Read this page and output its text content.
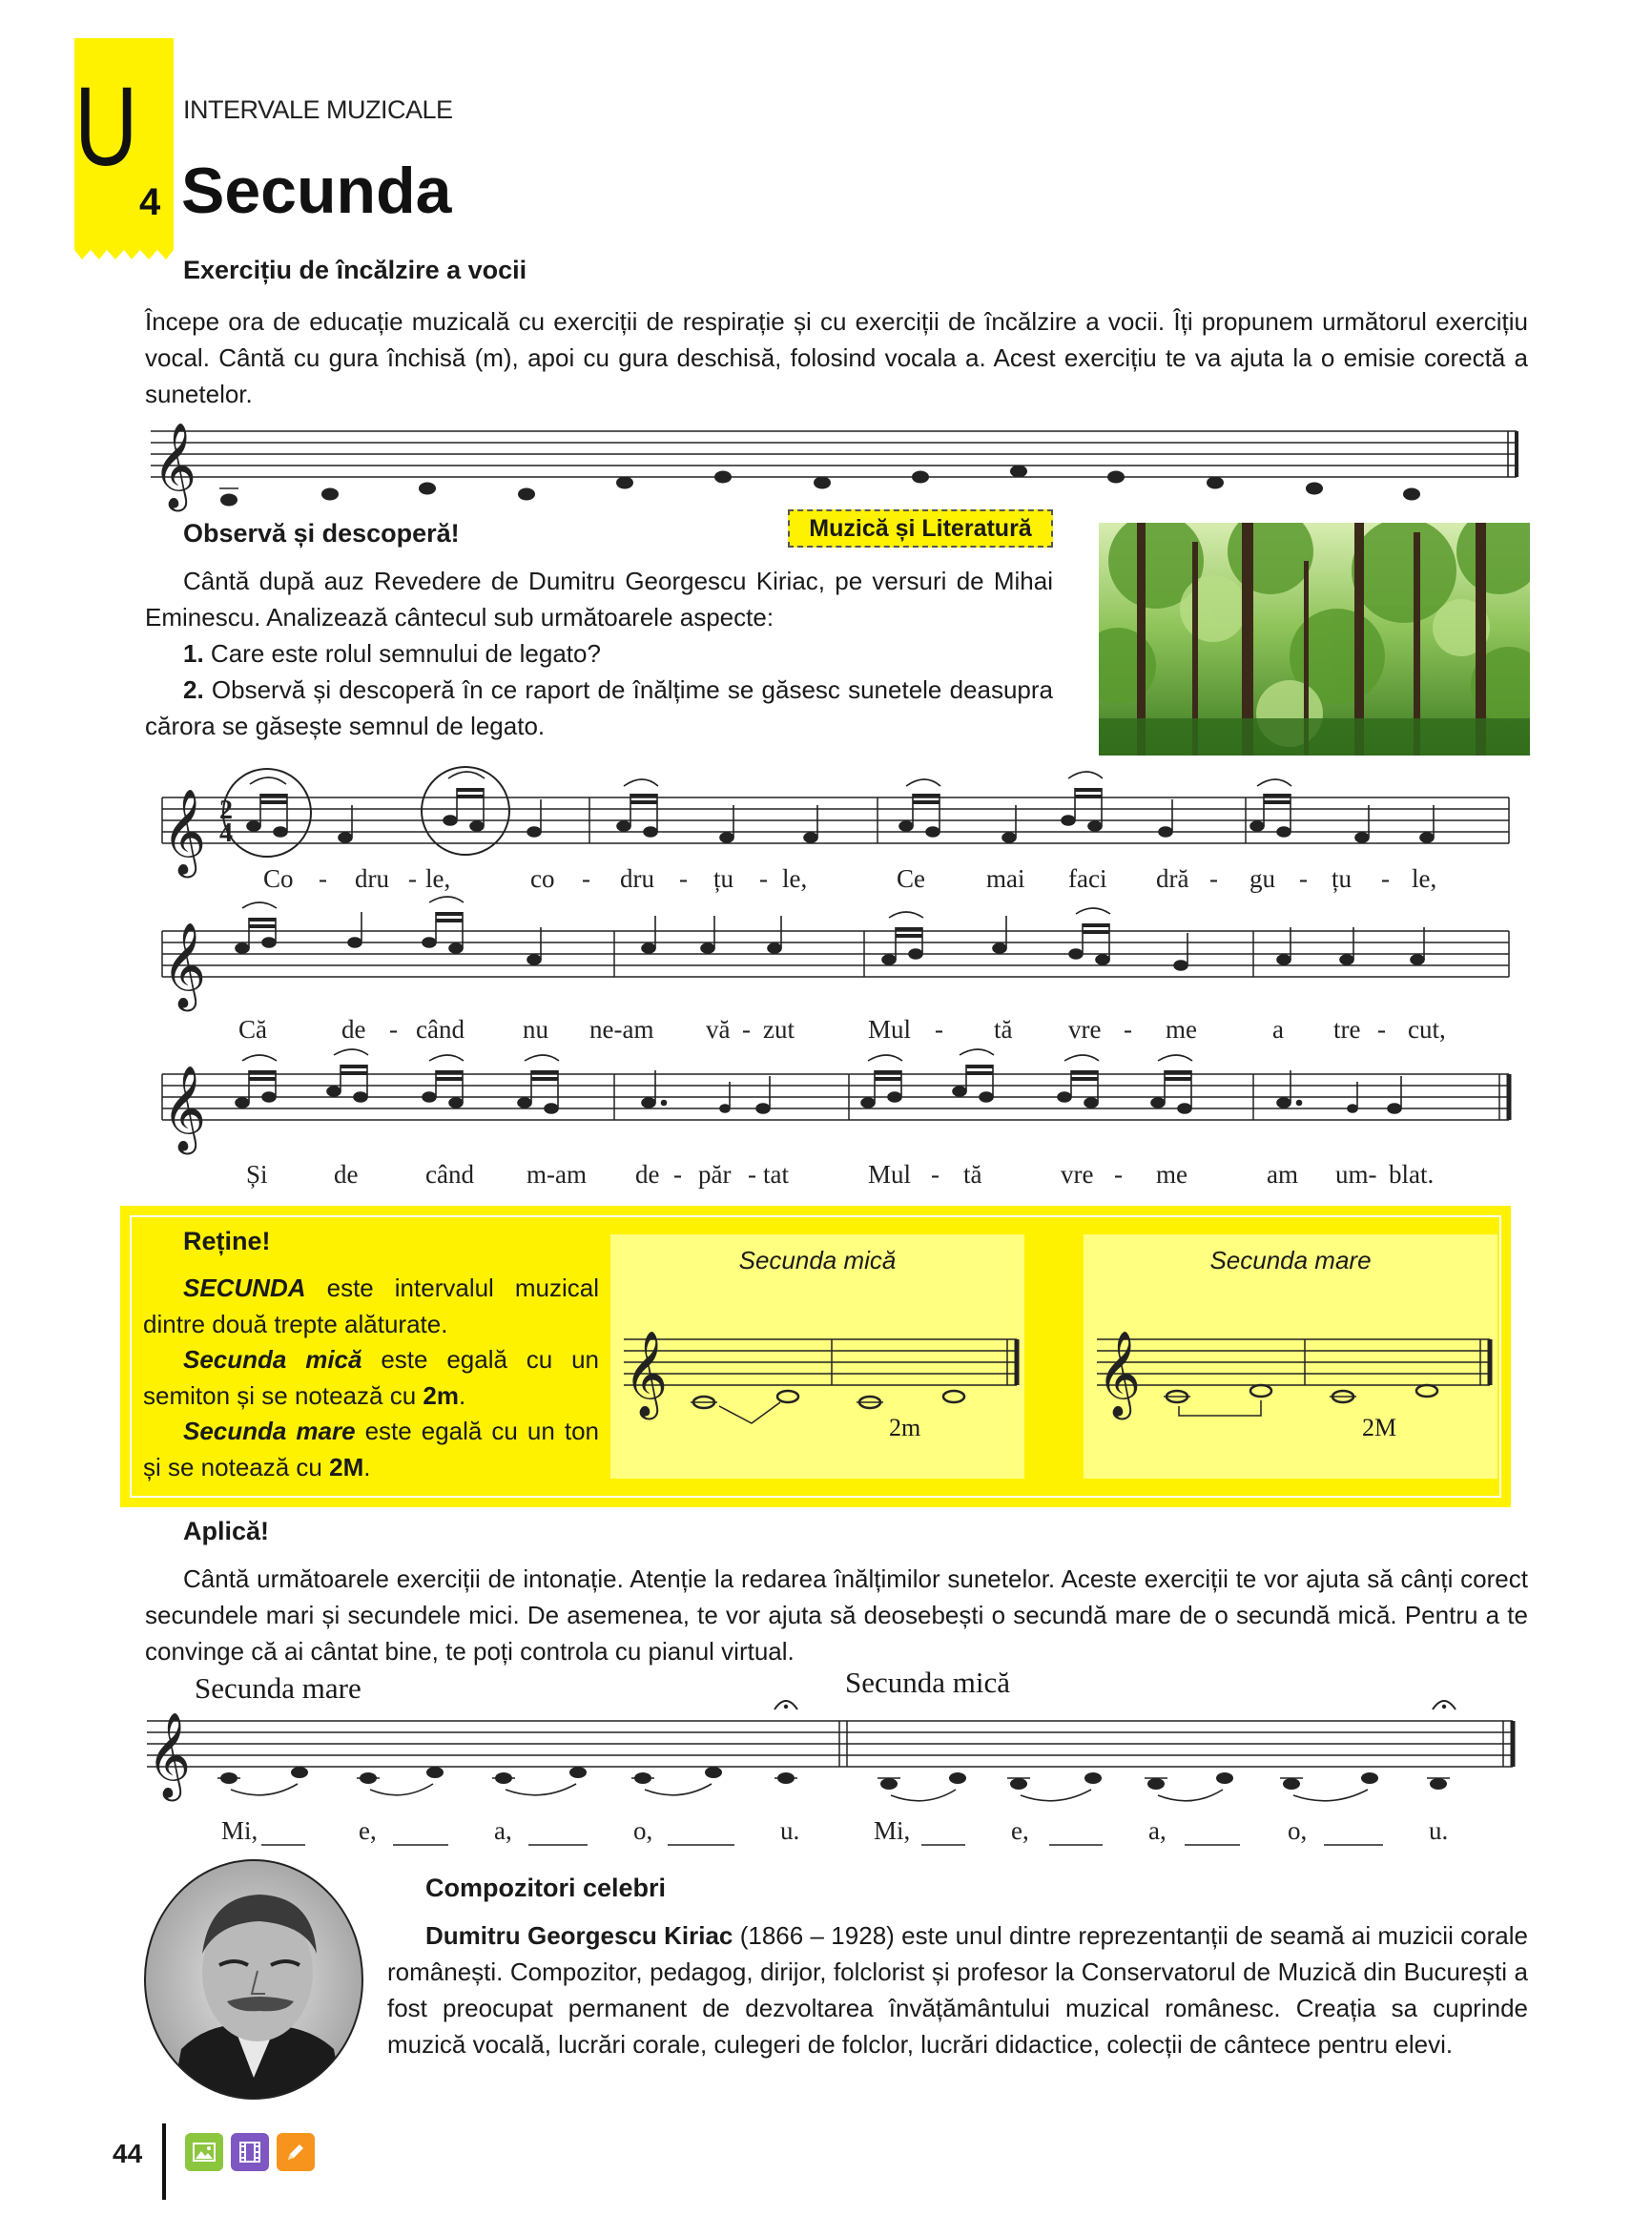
U
4
INTERVALE MUZICALE
Secunda
Exercițiu de încălzire a vocii
Începe ora de educație muzicală cu exerciții de respirație și cu exerciții de încălzire a vocii. Îți propunem următorul exercițiu vocal. Cântă cu gura închisă (m), apoi cu gura deschisă, folosind vocala a. Acest exercițiu te va ajuta la o emisie corectă a sunetelor.
𝄞
Observă și descoperă!	Muzică și Literatură

Cântă după auz Revedere de Dumitru Georgescu Kiriac, pe versuri de Mihai Eminescu. Analizează cântecul sub următoarele aspecte:

1. Care este rolul semnului de legato?

2. Observă și descoperă în ce raport de înălțime se găsesc sunetele deasupra cărora se găsește semnul de legato.

𝄞
𝄞
𝄞
2
4
Co - dru - le,	co - dru - țu - le,	Ce mai faci dră - gu - țu - le,
Că	de - când nu ne-am vă - zut	Mul - tă vre - me	a tre - cut,
Și	de	când m-am de - păr - tat	Mul - tă	vre - me	am um- blat.
Reține!
SECUNDA este intervalul muzical dintre două trepte alăturate.
Secunda mică este egală cu un semiton și se notează cu 2m.
Secunda mare este egală cu un ton și se notează cu 2M.
Secunda mică
𝄞
2m
Secunda mare
𝄞
2M
Aplică!
Cântă următoarele exerciții de intonație. Atenție la redarea înălțimilor sunetelor. Aceste exerciții te vor ajuta să cânți corect secundele mari și secundele mici. De asemenea, te vor ajuta să deosebești o secundă mare de o secundă mică. Pentru a te convinge că ai cântat bine, te poți controla cu pianul virtual.
Secunda mare	Secunda mică
𝄞
Mi,	e,	a,	o,	u.	Mi,	e,	a,	o,	u.
Compozitori celebri
Dumitru Georgescu Kiriac (1866 – 1928) este unul dintre reprezentanții de seamă ai muzicii corale românești. Compozitor, pedagog, dirijor, folclorist și profesor la Conservatorul de Muzică din București a fost preocupat permanent de dezvoltarea învățământului muzical românesc. Creația sa cuprinde muzică vocală, lucrări corale, culegeri de folclor, lucrări didactice, colecții de cântece pentru elevi.
44
